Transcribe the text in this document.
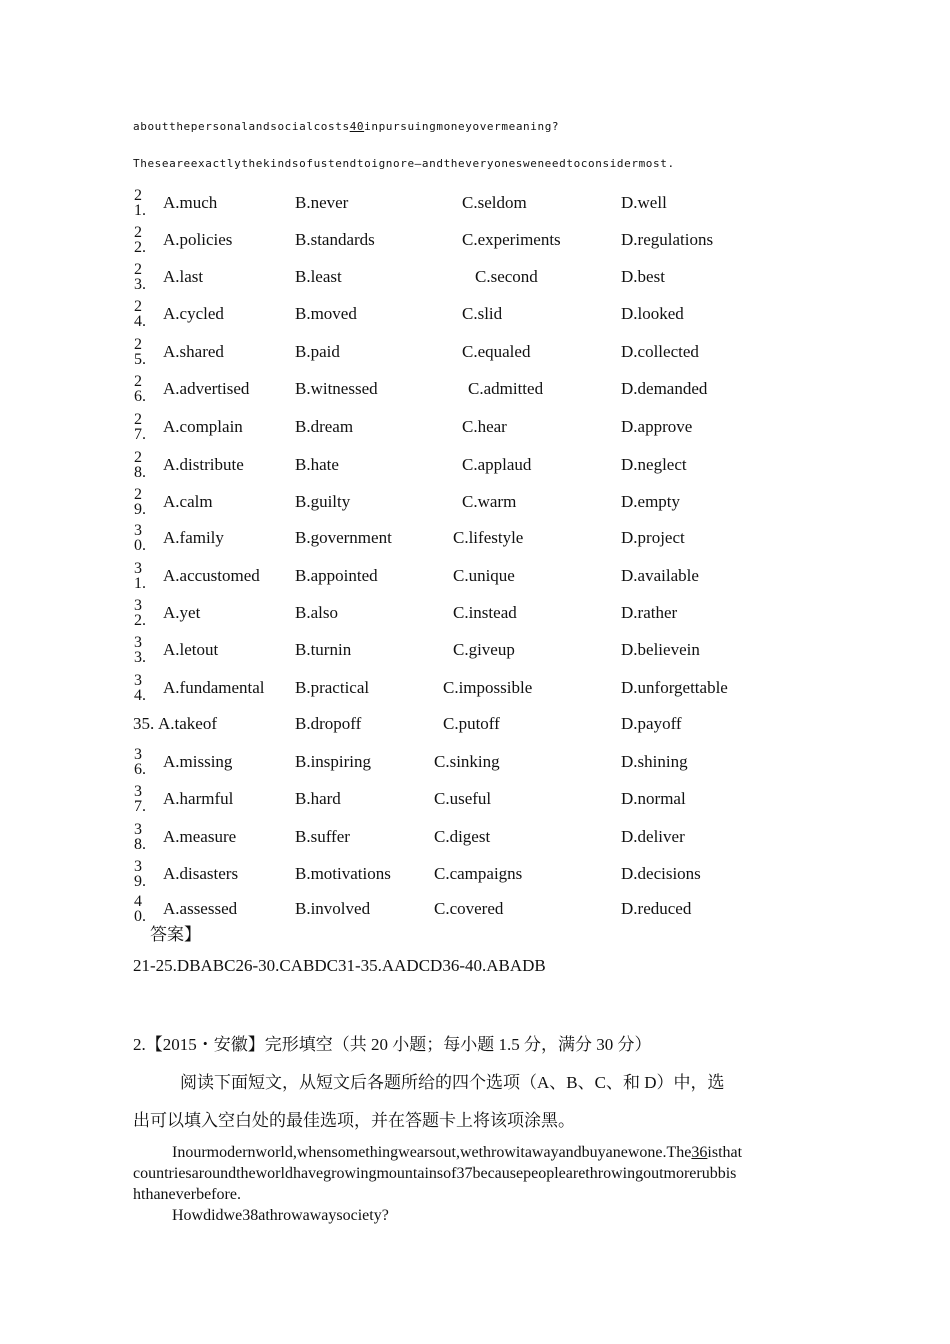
aboutthepersonalandsocialcosts40inpursuingmoneyovermeaning?
Theseareexactlythekindsofustendtoignore—andtheveryonesweneedtoconsidermost.
2
1.	A.much	B.never	C.seldom	D.well
2
2.	A.policies	B.standards	C.experiments	D.regulations
2
3.	A.last	B.least	C.second	D.best
2
4.	A.cycled	B.moved	C.slid	D.looked
2
5.	A.shared	B.paid	C.equaled	D.collected
2
6.	A.advertised	B.witnessed	C.admitted	D.demanded
2
7.	A.complain	B.dream	C.hear	D.approve
2
8.	A.distribute	B.hate	C.applaud	D.neglect
2
9.	A.calm	B.guilty	C.warm	D.empty
3
0.	A.family	B.government	C.lifestyle	D.project
3
1.	A.accustomed B.appointed	C.unique	D.available
3
2.	A.yet	B.also	C.instead	D.rather
3
3.	A.letout	B.turnin	C.giveup	D.believein
3
4.	A.fundamental B.practical	C.impossible	D.unforgettable
35. A.takeof	B.dropoff	C.putoff	D.payoff
3
6.	A.missing	B.inspiring	C.sinking	D.shining
3
7.	A.harmful	B.hard	C.useful	D.normal
3
8.	A.measure	B.suffer	C.digest	D.deliver
3
9.	A.disasters	B.motivations	C.campaigns	D.decisions
4
0.	A.assessed	B.involved	C.covered	D.reduced
答案】
21-25.DBABC26-30.CABDC31-35.AADCD36-40.ABADB
2.【2015・安徽】完形填空（共 20 小题；每小题 1.5 分，满分 30 分）
阅读下面短文，从短文后各题所给的四个选项（A、B、C、和 D）中，选
出可以填入空白处的最佳选项，并在答题卡上将该项涂黑。
Inourmodernworld,whensomethingwearsout,wethrowitawayandbuyanewone.The36isthat
countriesaroundtheworldhavegrowingmountainsof37becausepeoplearethrowingoutmorerubbis
hthaneverbefore.
Howdidwe38athrowawaysociety?
